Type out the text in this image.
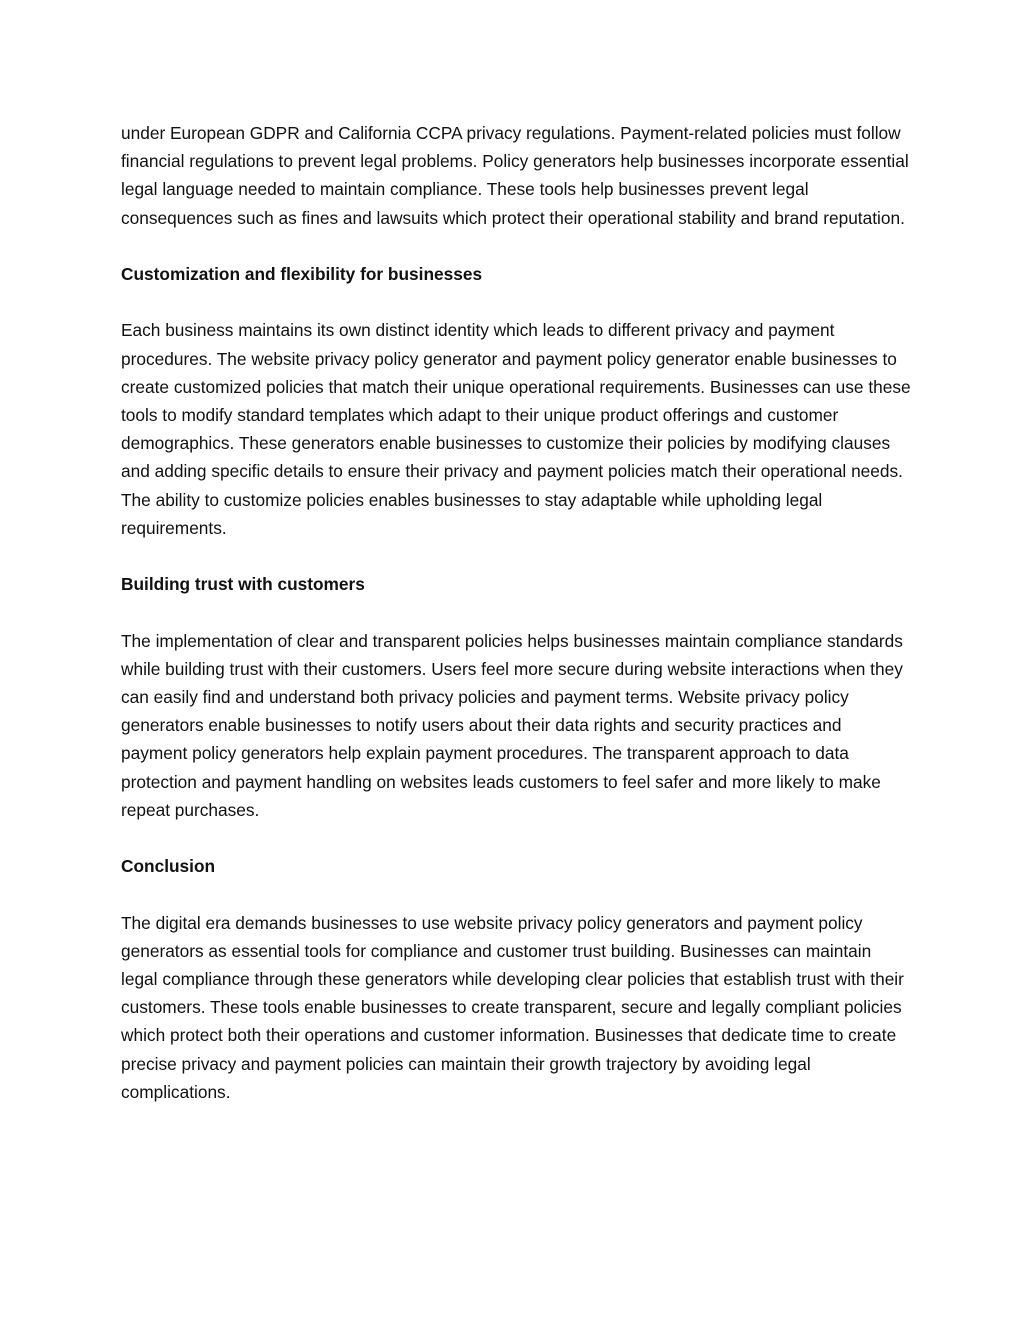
under European GDPR and California CCPA privacy regulations. Payment-related policies must follow financial regulations to prevent legal problems. Policy generators help businesses incorporate essential legal language needed to maintain compliance. These tools help businesses prevent legal consequences such as fines and lawsuits which protect their operational stability and brand reputation.

Customization and flexibility for businesses

Each business maintains its own distinct identity which leads to different privacy and payment procedures. The website privacy policy generator and payment policy generator enable businesses to create customized policies that match their unique operational requirements. Businesses can use these tools to modify standard templates which adapt to their unique product offerings and customer demographics. These generators enable businesses to customize their policies by modifying clauses and adding specific details to ensure their privacy and payment policies match their operational needs. The ability to customize policies enables businesses to stay adaptable while upholding legal requirements.

Building trust with customers

The implementation of clear and transparent policies helps businesses maintain compliance standards while building trust with their customers. Users feel more secure during website interactions when they can easily find and understand both privacy policies and payment terms. Website privacy policy generators enable businesses to notify users about their data rights and security practices and payment policy generators help explain payment procedures. The transparent approach to data protection and payment handling on websites leads customers to feel safer and more likely to make repeat purchases.

Conclusion

The digital era demands businesses to use website privacy policy generators and payment policy generators as essential tools for compliance and customer trust building. Businesses can maintain legal compliance through these generators while developing clear policies that establish trust with their customers. These tools enable businesses to create transparent, secure and legally compliant policies which protect both their operations and customer information. Businesses that dedicate time to create precise privacy and payment policies can maintain their growth trajectory by avoiding legal complications.
